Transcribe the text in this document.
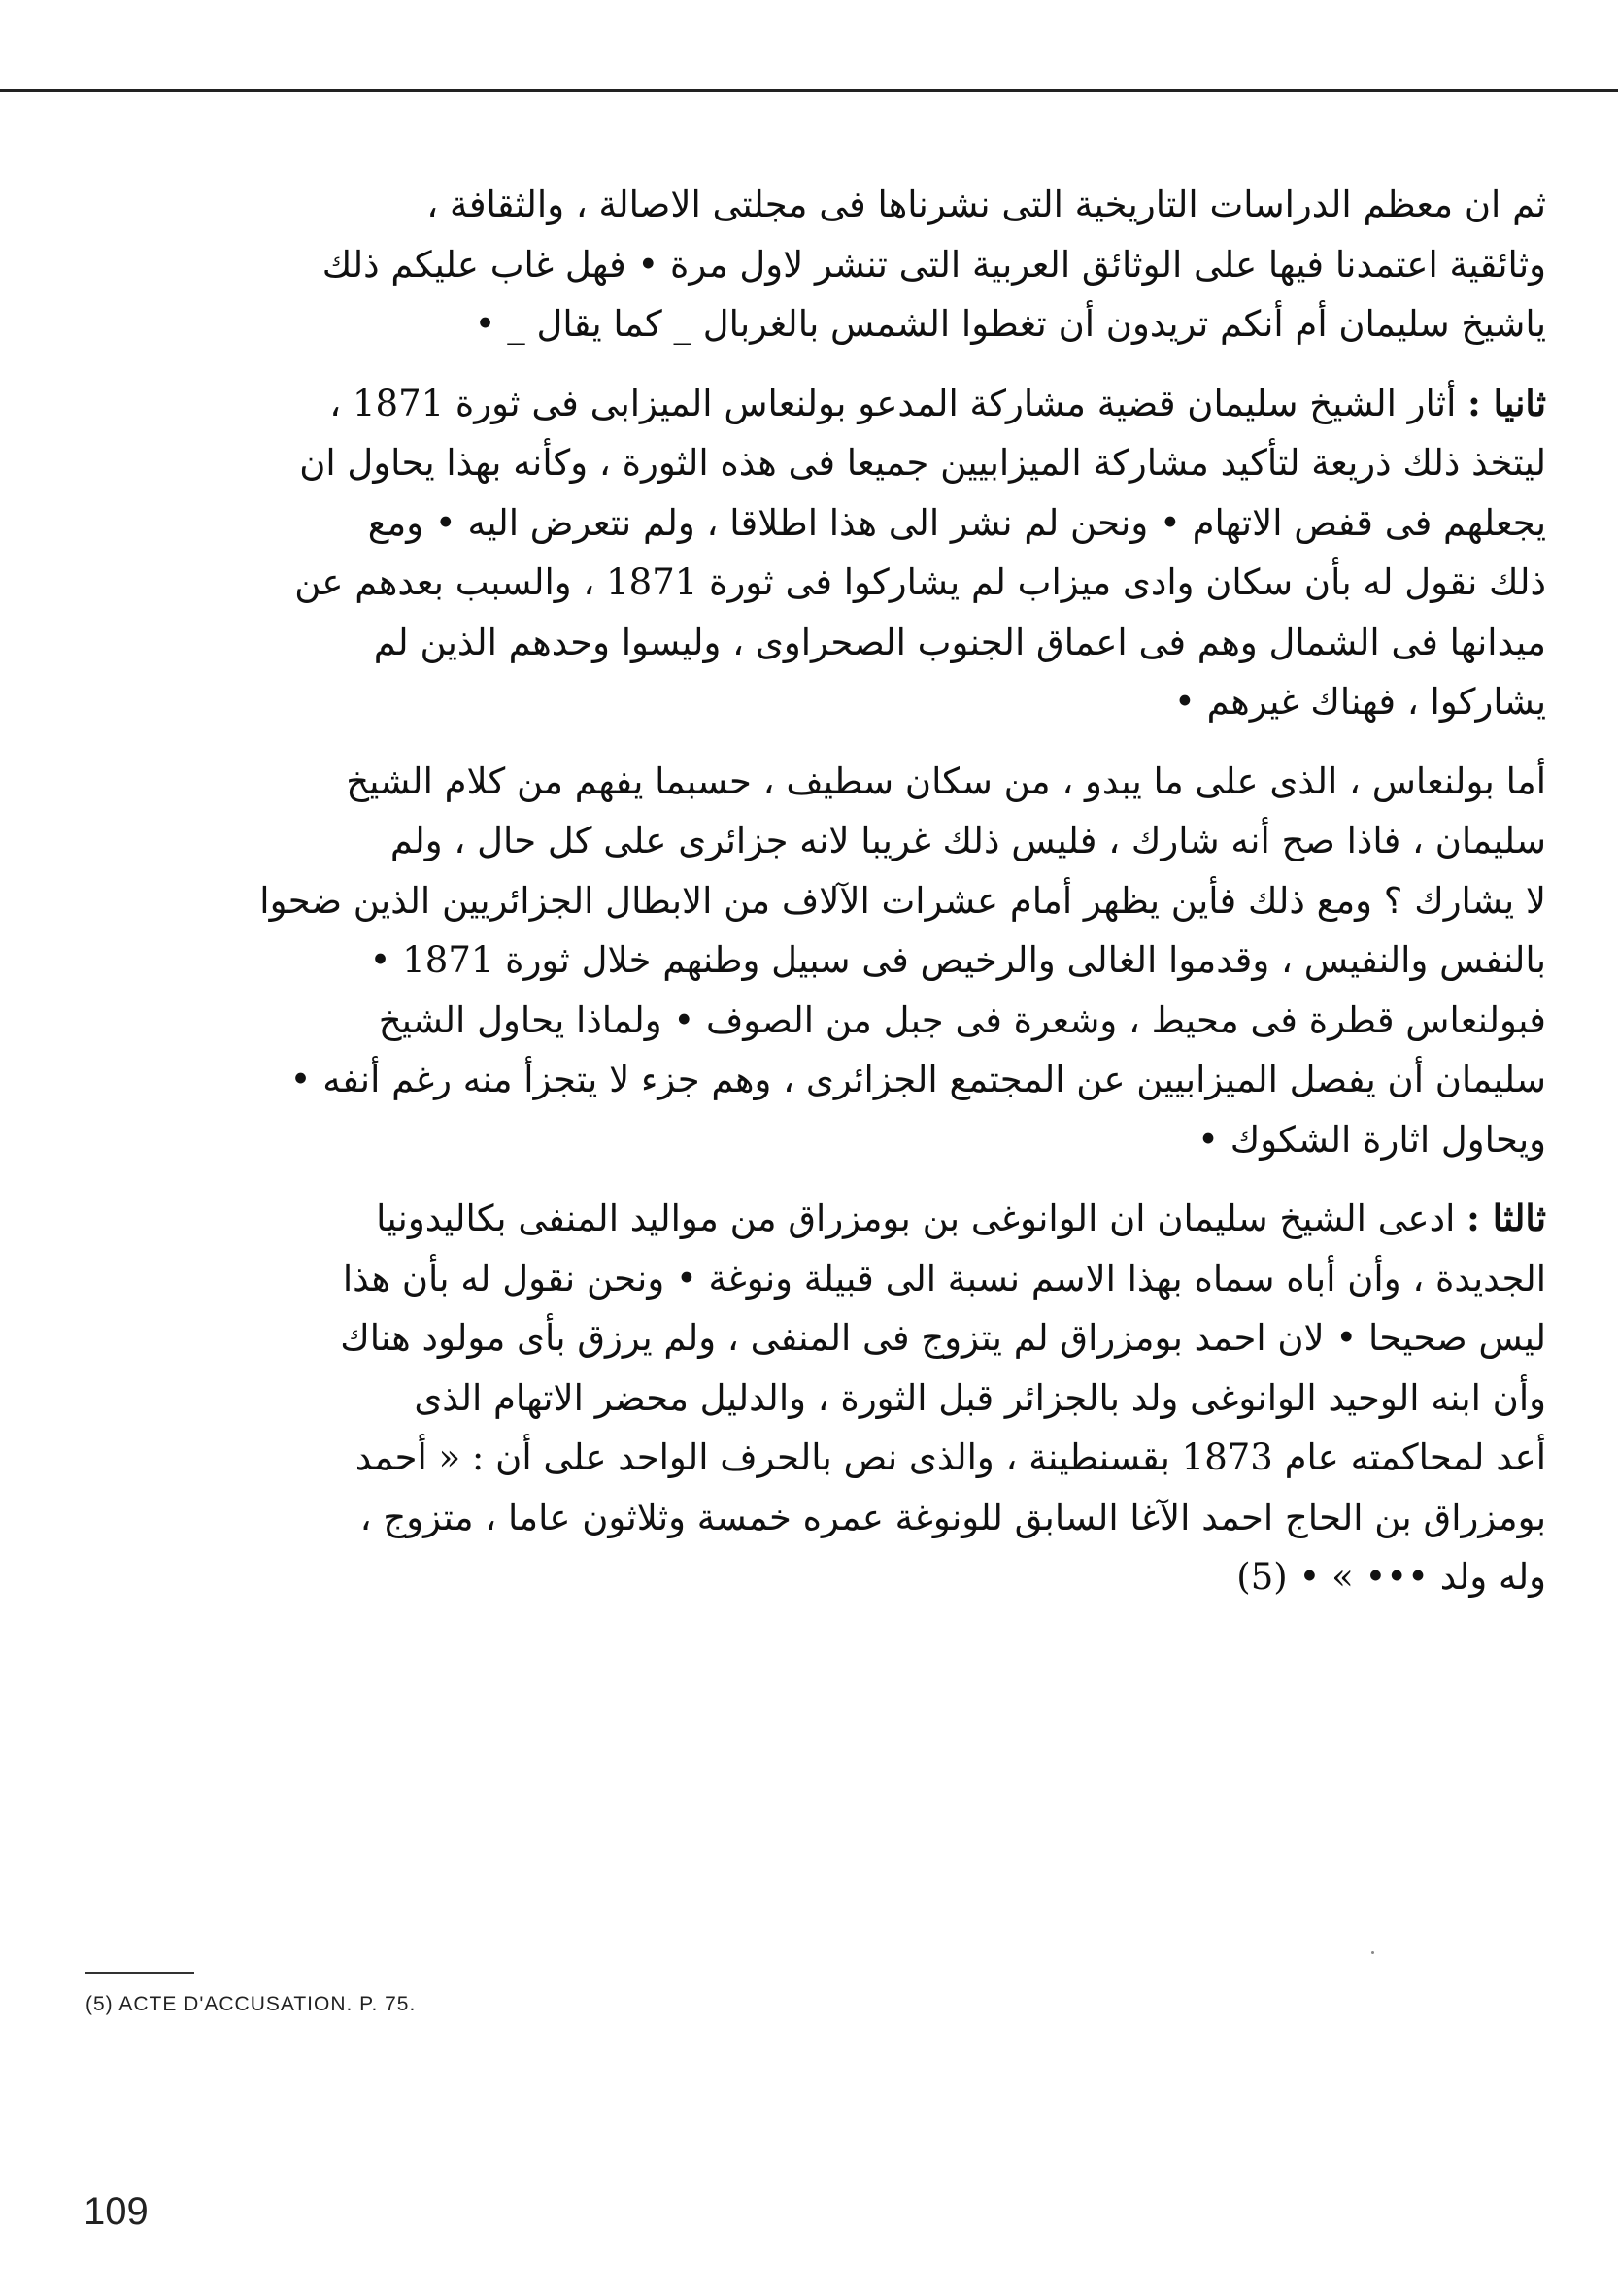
ثم ان معظم الدراسات التاريخية التى نشرناها فى مجلتى الاصالة ، والثقافة ،
وثائقية اعتمدنا فيها على الوثائق العربية التى تنشر لاول مرة • فهل غاب عليكم ذلك
ياشيخ سليمان أم أنكم تريدون أن تغطوا الشمس بالغربال _ كما يقال _ •

ثانيا : أثار الشيخ سليمان قضية مشاركة المدعو بولنعاس الميزابى فى ثورة 1871 ،
ليتخذ ذلك ذريعة لتأكيد مشاركة الميزابيين جميعا فى هذه الثورة ، وكأنه بهذا يحاول ان
يجعلهم فى قفص الاتهام • ونحن لم نشر الى هذا اطلاقا ، ولم نتعرض اليه • ومع
ذلك نقول له بأن سكان وادى ميزاب لم يشاركوا فى ثورة 1871 ، والسبب بعدهم عن
ميدانها فى الشمال وهم فى اعماق الجنوب الصحراوى ، وليسوا وحدهم الذين لم
يشاركوا ، فهناك غيرهم •

أما بولنعاس ، الذى على ما يبدو ، من سكان سطيف ، حسبما يفهم من كلام الشيخ
سليمان ، فاذا صح أنه شارك ، فليس ذلك غريبا لانه جزائرى على كل حال ، ولم
لا يشارك ؟ ومع ذلك فأين يظهر أمام عشرات الآلاف من الابطال الجزائريين الذين ضحوا
بالنفس والنفيس ، وقدموا الغالى والرخيص فى سبيل وطنهم خلال ثورة 1871 •
فبولنعاس قطرة فى محيط ، وشعرة فى جبل من الصوف • ولماذا يحاول الشيخ
سليمان أن يفصل الميزابيين عن المجتمع الجزائرى ، وهم جزء لا يتجزأ منه رغم أنفه •
ويحاول اثارة الشكوك •

ثالثا : ادعى الشيخ سليمان ان الوانوغى بن بومزراق من مواليد المنفى بكاليدونيا
الجديدة ، وأن أباه سماه بهذا الاسم نسبة الى قبيلة ونوغة • ونحن نقول له بأن هذا
ليس صحيحا • لان احمد بومزراق لم يتزوج فى المنفى ، ولم يرزق بأى مولود هناك
وأن ابنه الوحيد الوانوغى ولد بالجزائر قبل الثورة ، والدليل محضر الاتهام الذى
أعد لمحاكمته عام 1873 بقسنطينة ، والذى نص بالحرف الواحد على أن : « أحمد
بومزراق بن الحاج احمد الآغا السابق للونوغة عمره خمسة وثلاثون عاما ، متزوج ،
وله ولد ••• » • (5)

(5) ACTE D'ACCUSATION. P. 75.
109
